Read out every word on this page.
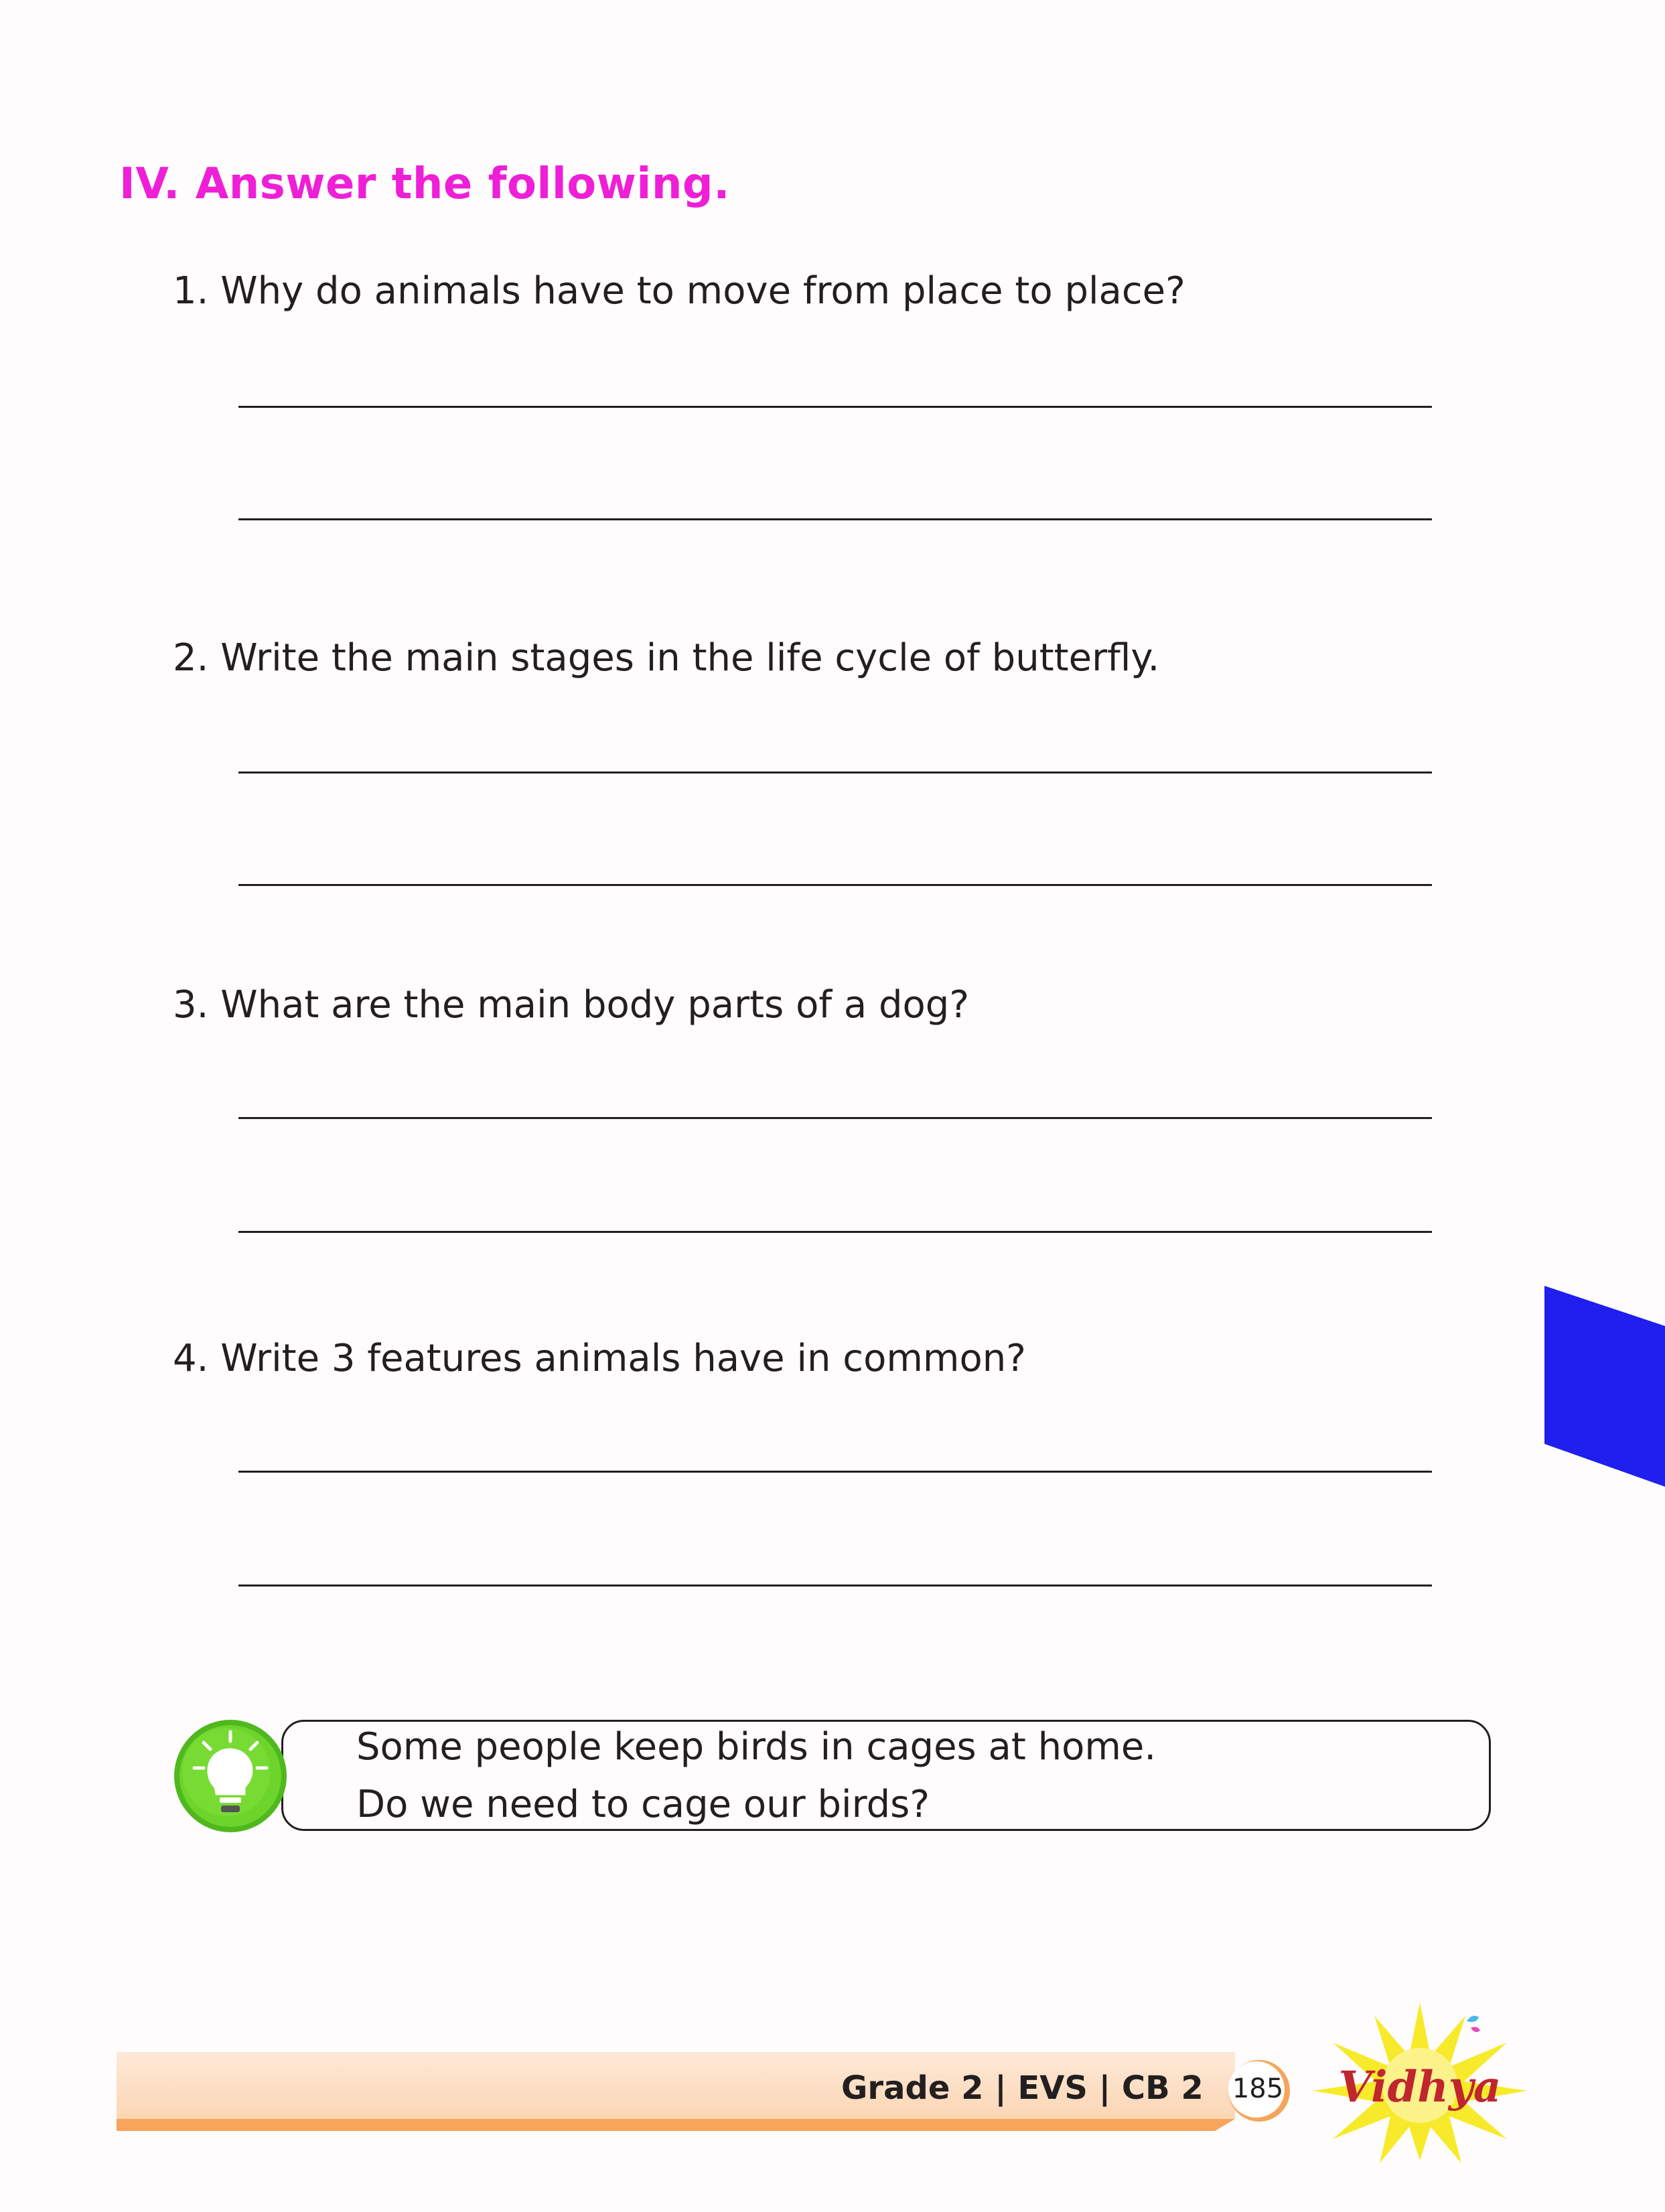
IV. Answer the following.
1. Why do animals have to move from place to place?
2. Write the main stages in the life cycle of butterfly.
3. What are the main body parts of a dog?
4. Write 3 features animals have in common?
Some people keep birds in cages at home.
Do we need to cage our birds?
Grade 2 | EVS | CB 2 185 Vidhya
